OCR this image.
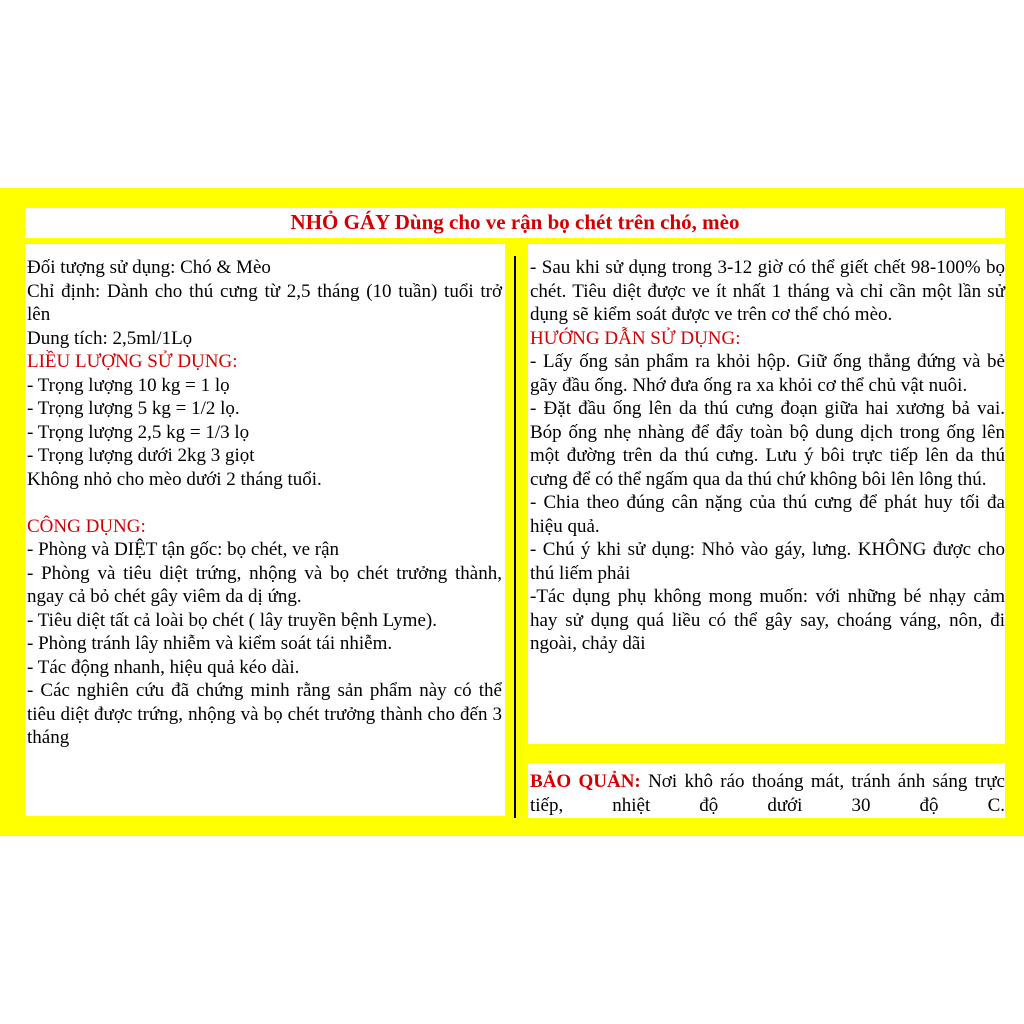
NHỎ GÁY Dùng cho ve rận bọ chét trên chó, mèo

Đối tượng sử dụng: Chó & Mèo

Chỉ định: Dành cho thú cưng từ 2,5 tháng (10 tuần) tuổi trở lên

Dung tích: 2,5ml/1Lọ

LIỀU LƯỢNG SỬ DỤNG:

- Trọng lượng 10 kg = 1 lọ

- Trọng lượng 5 kg = 1/2 lọ.

- Trọng lượng 2,5 kg = 1/3 lọ

- Trọng lượng dưới 2kg 3 giọt

Không nhỏ cho mèo dưới 2 tháng tuổi.

CÔNG DỤNG:

- Phòng và DIỆT tận gốc: bọ chét, ve rận

- Phòng và tiêu diệt trứng, nhộng và bọ chét trưởng thành, ngay cả bỏ chét gây viêm da dị ứng.

- Tiêu diệt tất cả loài bọ chét ( lây truyền bệnh Lyme).

- Phòng tránh lây nhiễm và kiểm soát tái nhiễm.

- Tác động nhanh, hiệu quả kéo dài.

- Các nghiên cứu đã chứng minh rằng sản phẩm này có thể tiêu diệt được trứng, nhộng và bọ chét trưởng thành cho đến 3 tháng

- Sau khi sử dụng trong 3-12 giờ có thể giết chết 98-100% bọ chét. Tiêu diệt được ve ít nhất 1 tháng và chỉ cần một lần sử dụng sẽ kiểm soát được ve trên cơ thể chó mèo.

HƯỚNG DẪN SỬ DỤNG:

- Lấy ống sản phẩm ra khỏi hộp. Giữ ống thẳng đứng và bẻ gãy đầu ống. Nhớ đưa ống ra xa khỏi cơ thể chủ vật nuôi.

- Đặt đầu ống lên da thú cưng đoạn giữa hai xương bả vai. Bóp ống nhẹ nhàng để đẩy toàn bộ dung dịch trong ống lên một đường trên da thú cưng. Lưu ý bôi trực tiếp lên da thú cưng để có thể ngấm qua da thú chứ không bôi lên lông thú.

- Chia theo đúng cân nặng của thú cưng để phát huy tối đa hiệu quả.

- Chú ý khi sử dụng: Nhỏ vào gáy, lưng. KHÔNG được cho thú liếm phải

-Tác dụng phụ không mong muốn: với những bé nhạy cảm hay sử dụng quá liều có thể gây say, choáng váng, nôn, đi ngoài, chảy dãi

BẢO QUẢN: Nơi khô ráo thoáng mát, tránh ánh sáng trực tiếp, nhiệt độ dưới 30 độ C.
